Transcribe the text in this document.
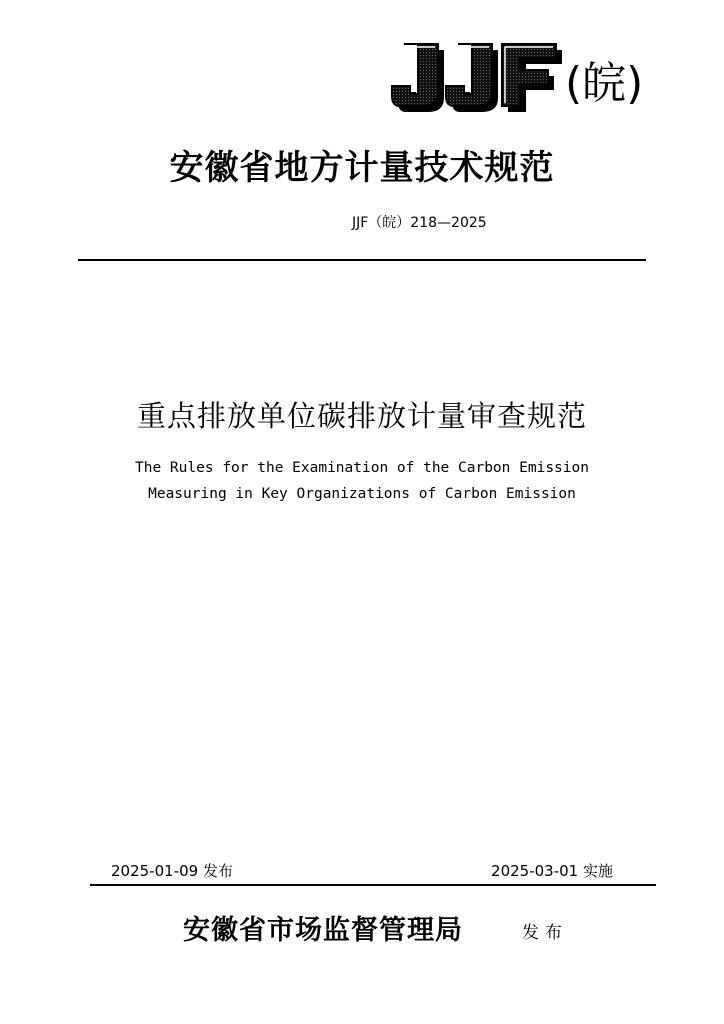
(皖)
安徽省地方计量技术规范
JJF（皖）218—2025
重点排放单位碳排放计量审查规范
The Rules for the Examination of the Carbon Emission
Measuring in Key Organizations of Carbon Emission
2025-01-09 发布	2025-03-01 实施
安徽省市场监督管理局	发布
